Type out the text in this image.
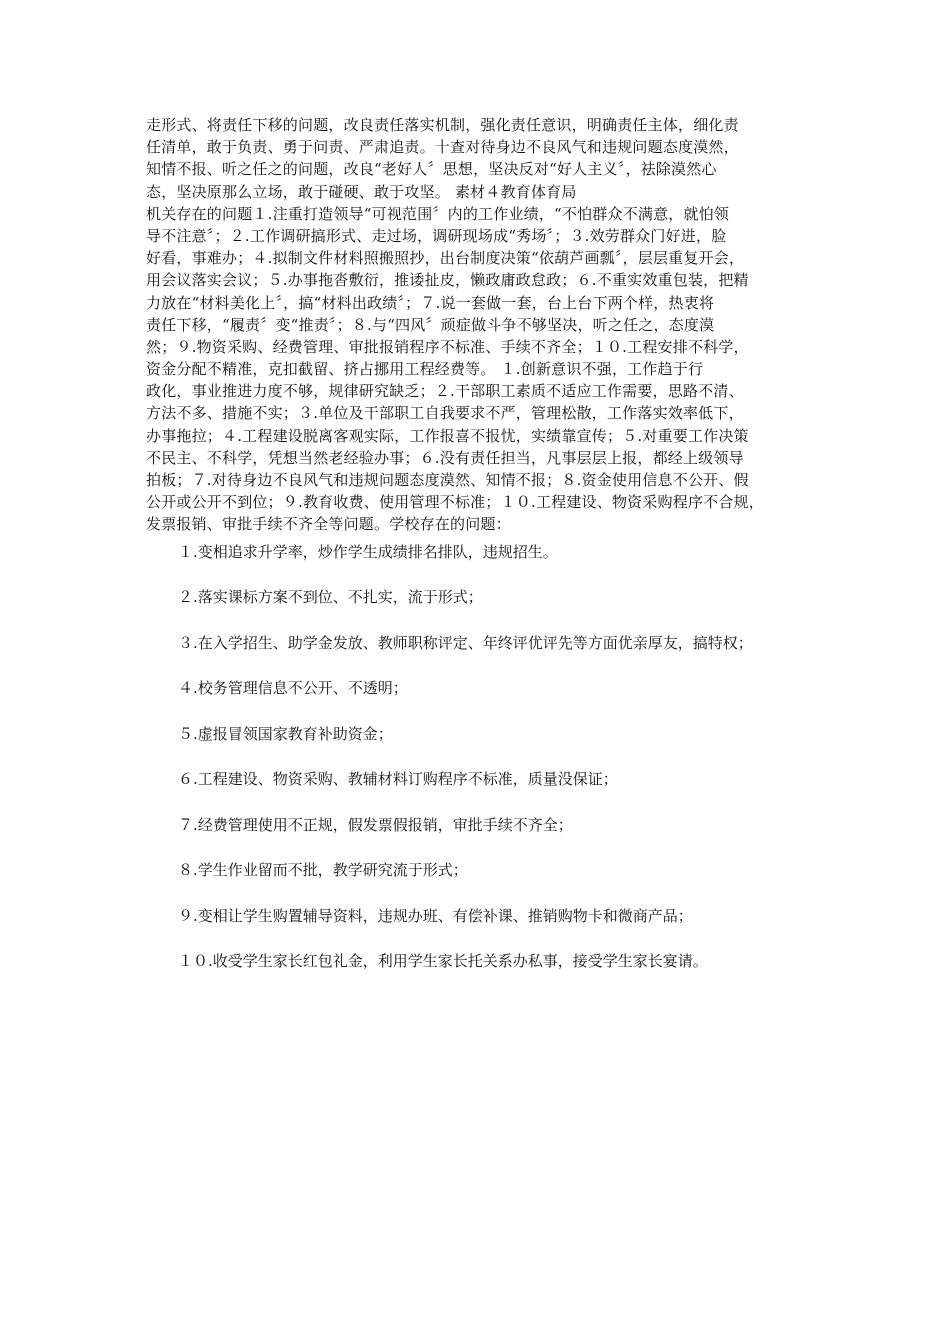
走形式、将责任下移的问题，改良责任落实机制，强化责任意识，明确责任主体，细化责
任清单，敢于负责、勇于问责、严肃追责。十查对待身边不良风气和违规问题态度漠然，
知情不报、听之任之的问题，改良“老好人〞思想，坚决反对“好人主义〞，祛除漠然心
态，坚决原那么立场，敢于碰硬、敢于攻坚。 素材４教育体育局
机关存在的问题１.注重打造领导“可视范围〞内的工作业绩，“不怕群众不满意，就怕领
导不注意〞；２.工作调研搞形式、走过场，调研现场成“秀场〞；３.效劳群众门好进，脸
好看，事难办；４.拟制文件材料照搬照抄，出台制度决策“依葫芦画瓢〞，层层重复开会，
用会议落实会议；５.办事拖沓敷衍，推诿扯皮，懒政庸政怠政；６.不重实效重包装，把精
力放在“材料美化上〞，搞“材料出政绩〞；７.说一套做一套，台上台下两个样，热衷将
责任下移，“履责〞变“推责〞；８.与“四风〞顽症做斗争不够坚决，听之任之，态度漠
然；９.物资采购、经费管理、审批报销程序不标准、手续不齐全；１０.工程安排不科学，
资金分配不精准，克扣截留、挤占挪用工程经费等。 １.创新意识不强，工作趋于行
政化，事业推进力度不够，规律研究缺乏；２.干部职工素质不适应工作需要，思路不清、
方法不多、措施不实；３.单位及干部职工自我要求不严，管理松散，工作落实效率低下，
办事拖拉；４.工程建设脱离客观实际，工作报喜不报忧，实绩靠宣传；５.对重要工作决策
不民主、不科学，凭想当然老经验办事；６.没有责任担当，凡事层层上报，都经上级领导
拍板；７.对待身边不良风气和违规问题态度漠然、知情不报；８.资金使用信息不公开、假
公开或公开不到位；９.教育收费、使用管理不标准；１０.工程建设、物资采购程序不合规，
发票报销、审批手续不齐全等问题。学校存在的问题：
１.变相追求升学率，炒作学生成绩排名排队，违规招生。
２.落实课标方案不到位、不扎实，流于形式；
３.在入学招生、助学金发放、教师职称评定、年终评优评先等方面优亲厚友，搞特权；
４.校务管理信息不公开、不透明；
５.虚报冒领国家教育补助资金；
６.工程建设、物资采购、教辅材料订购程序不标准，质量没保证；
７.经费管理使用不正规，假发票假报销，审批手续不齐全；
８.学生作业留而不批，教学研究流于形式；
９.变相让学生购置辅导资料，违规办班、有偿补课、推销购物卡和微商产品；
１０.收受学生家长红包礼金，利用学生家长托关系办私事，接受学生家长宴请。
